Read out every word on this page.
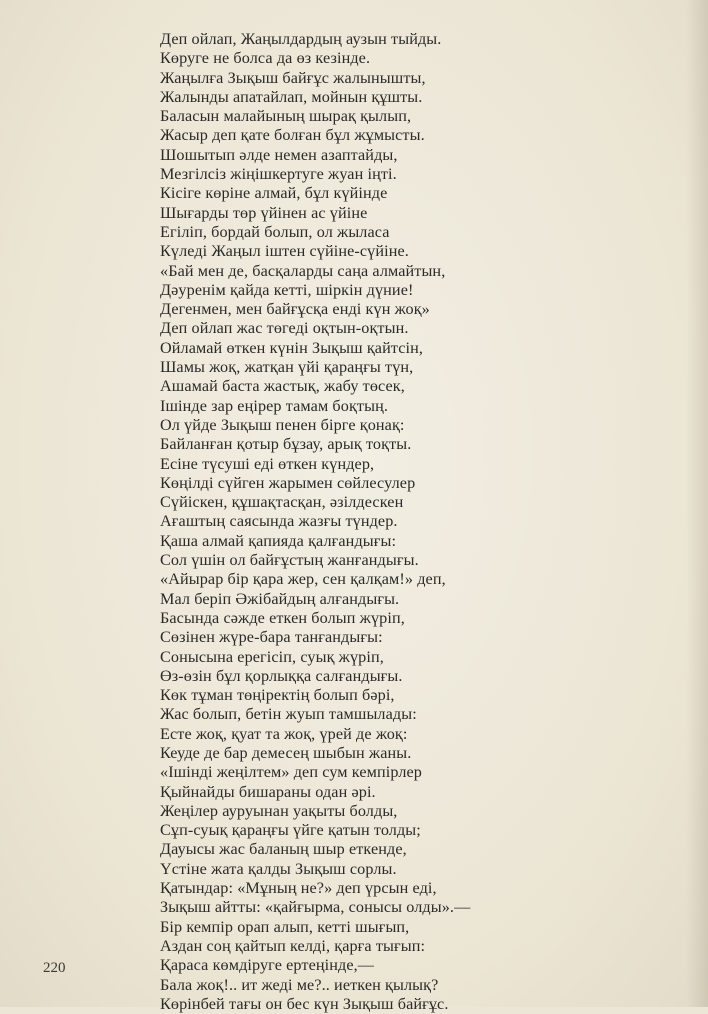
Деп ойлап, Жаңылдардың аузын тыйды.
Көруге не болса да өз кезінде.
Жаңылға Зықыш байғұс жалынышты,
Жалынды апатайлап, мойнын құшты.
Баласын малайының шырақ қылып,
Жасыр деп қате болған бұл жұмысты.
Шошытып әлде немен азаптайды,
Мезгілсіз жіңішкертуге жуан іңті.
Кісіге көріне алмай, бұл күйінде
Шығарды төр үйінен ас үйіне
Егіліп, бордай болып, ол жыласа
Күледі Жаңыл іштен сүйіне-сүйіне.
«Бай мен де, басқаларды саңа алмайтын,
Дәуренім қайда кетті, шіркін дүние!
Дегенмен, мен байғұсқа енді күн жоқ»
Деп ойлап жас төгеді оқтын-оқтын.
Ойламай өткен күнін Зықыш қайтсін,
Шамы жоқ, жатқан үйі қараңғы түн,
Ашамай баста жастық, жабу төсек,
Ішінде зар еңірер тамам боқтың.
Ол үйде Зықыш пенен бірге қонақ:
Байланған қотыр бұзау, арық тоқты.
Есіне түсуші еді өткен күндер,
Көңілді сүйген жарымен сөйлесулер
Сүйіскен, құшақтасқан, әзілдескен
Ағаштың саясында жазғы түндер.
Қаша алмай қапияда қалғандығы:
Сол үшін ол байғұстың жанғандығы.
«Айырар бір қара жер, сен қалқам!» деп,
Мал беріп Әжібайдың алғандығы.
Басында сәжде еткен болып жүріп,
Сөзінен жүре-бара танғандығы:
Сонысына ерегісіп, суық жүріп,
Өз-өзін бұл қорлыққа салғандығы.
Көк тұман төңіректің болып бәрі,
Жас болып, бетін жуып тамшылады:
Есте жоқ, қуат та жоқ, үрей де жоқ:
Кеуде де бар демесең шыбын жаны.
«Ішінді жеңілтем» деп сум кемпірлер
Қыйнайды бишараны одан әрі.
Жеңілер ауруынан уақыты болды,
Сұп-суық қараңғы үйге қатын толды;
Дауысы жас баланың шыр еткенде,
Үстіне жата қалды Зықыш сорлы.
Қатындар: «Мұның не?» деп үрсын еді,
Зықыш айтты: «қайғырма, сонысы олды».—
Бір кемпір орап алып, кетті шығып,
Аздан соң қайтып келді, қарға тығып:
Қараса көмдіруге ертеңінде,—
Бала жоқ!.. ит жеді ме?.. иеткен қылық?
Көрінбей тағы он бес күн Зықыш байғұс.
220
